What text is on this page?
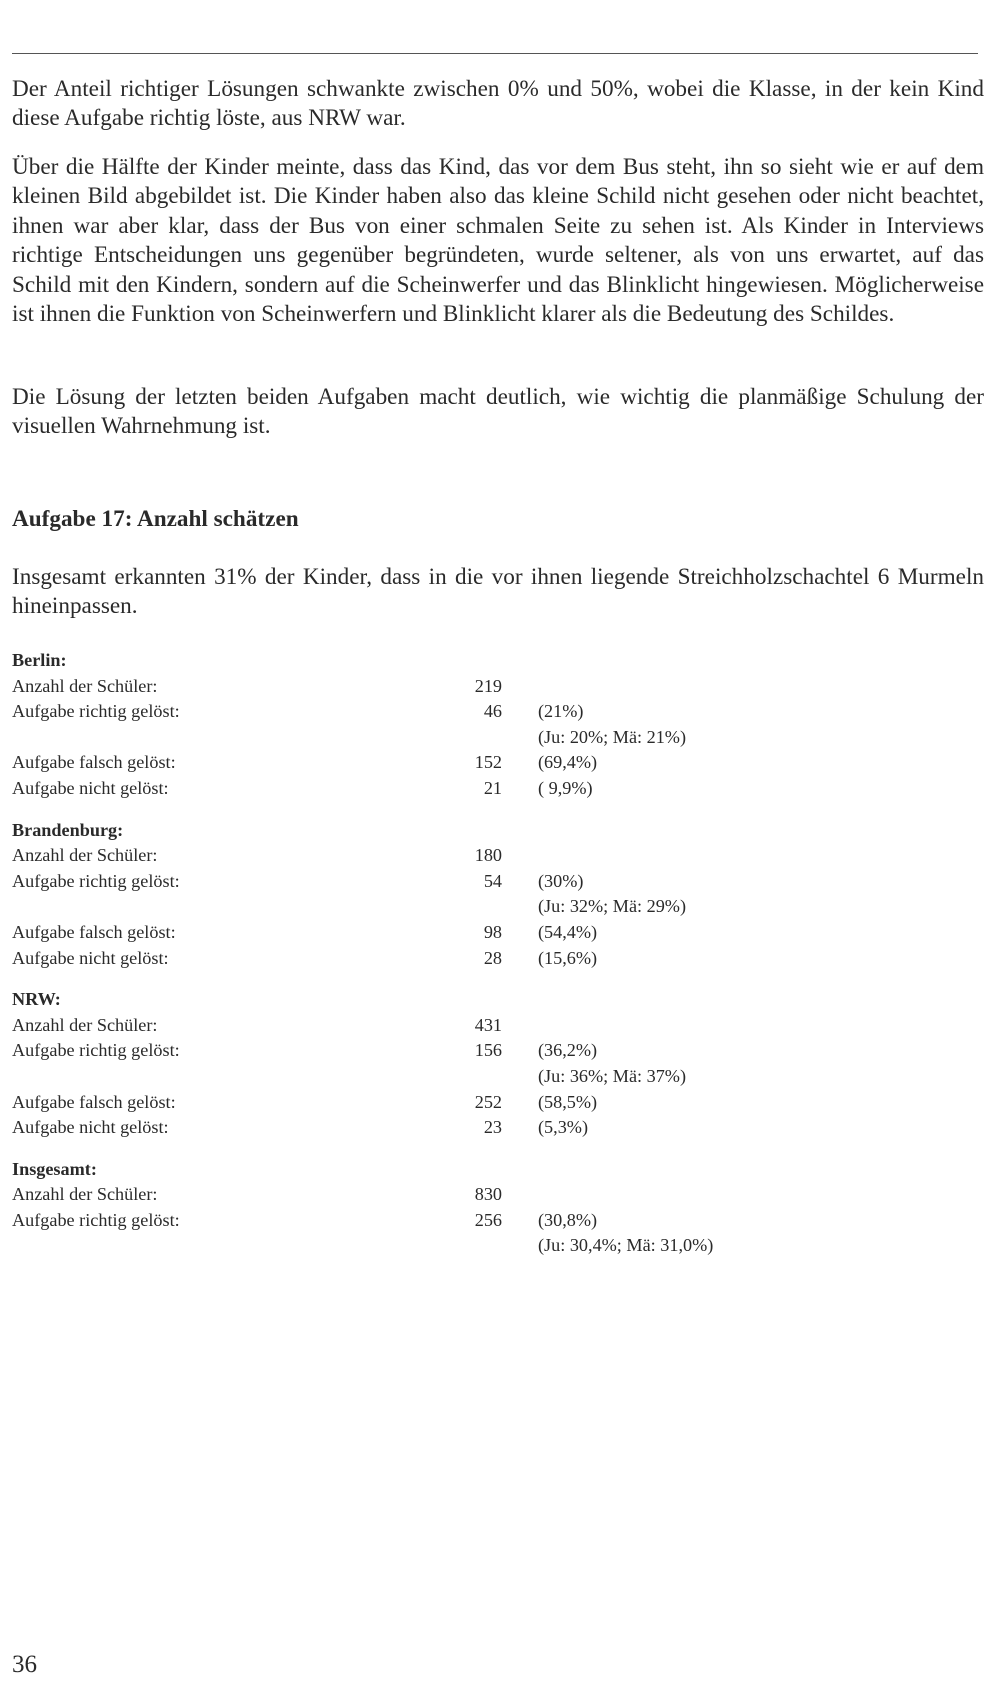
Der Anteil richtiger Lösungen schwankte zwischen 0% und 50%, wobei die Klasse, in der kein Kind diese Aufgabe richtig löste, aus NRW war.

Über die Hälfte der Kinder meinte, dass das Kind, das vor dem Bus steht, ihn so sieht wie er auf dem kleinen Bild abgebildet ist. Die Kinder haben also das kleine Schild nicht gesehen oder nicht beachtet, ihnen war aber klar, dass der Bus von einer schmalen Seite zu sehen ist. Als Kinder in Interviews richtige Entscheidungen uns gegenüber begründeten, wurde seltener, als von uns erwartet, auf das Schild mit den Kindern, sondern auf die Scheinwerfer und das Blinklicht hingewiesen. Möglicherweise ist ihnen die Funktion von Scheinwerfern und Blinklicht klarer als die Bedeutung des Schildes.

Die Lösung der letzten beiden Aufgaben macht deutlich, wie wichtig die planmäßige Schulung der visuellen Wahrnehmung ist.

Aufgabe 17: Anzahl schätzen

Insgesamt erkannten 31% der Kinder, dass in die vor ihnen liegende Streichholzschachtel 6 Murmeln hineinpassen.

Berlin:
Anzahl der Schüler:	219
Aufgabe richtig gelöst:	46 (21%)
(Ju: 20%; Mä: 21%)
Aufgabe falsch gelöst:	152 (69,4%)
Aufgabe nicht gelöst:	21 ( 9,9%)
Brandenburg:
Anzahl der Schüler:	180
Aufgabe richtig gelöst:	54 (30%)
(Ju: 32%; Mä: 29%)
Aufgabe falsch gelöst:	98 (54,4%)
Aufgabe nicht gelöst:	28 (15,6%)
NRW:
Anzahl der Schüler:	431
Aufgabe richtig gelöst:	156 (36,2%)
(Ju: 36%; Mä: 37%)
Aufgabe falsch gelöst:	252 (58,5%)
Aufgabe nicht gelöst:	23 (5,3%)
Insgesamt:
Anzahl der Schüler:	830
Aufgabe richtig gelöst:	256 (30,8%)
(Ju: 30,4%; Mä: 31,0%)
36
